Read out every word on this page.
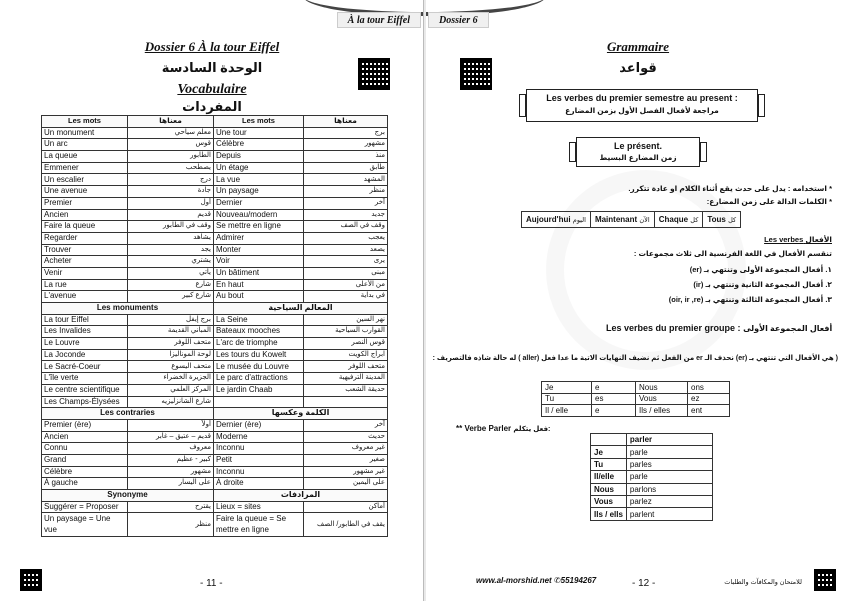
À la tour Eiffel
Dossier 6 À la tour Eiffel
الوحدة السادسة
Vocabulaire
المفردات
Les mots	معناها	Les mots	معناها
Un monument	معلم سياحي	Une tour	برج
Un arc	قوس	Célèbre	مشهور
La queue	الطابور	Depuis	منذ
Emmener	يصطحب	Un étage	طابق
Un escalier	درج	La vue	المشهد
Une avenue	جادة	Un paysage	منظر
Premier	أول	Dernier	آخر
Ancien	قديم	Nouveau/modern	جديد
Faire la queue	وقف في الطابور	Se mettre en ligne	وقف في الصف
Regarder	يشاهد	Admirer	يعجب
Trouver	يجد	Monter	يصعد
Acheter	يشتري	Voir	يرى
Venir	يأتي	Un bâtiment	مبنى
La rue	شارع	En haut	من الأعلى
L'avenue	شارع كبير	Au bout	في بداية
Les monuments		المعالم السياحية	
La tour Eiffel	برج إيفل	La Seine	نهر السين
Les Invalides	المباني القديمة	Bateaux mooches	القوارب السياحية
Le Louvre	متحف اللوفر	L'arc de triomphe	قوس النصر
La Joconde	لوحة الموناليزا	Les tours du Kowelt	ابراج الكويت
Le Sacré-Coeur	متحف اليسوع	Le musée du Louvre	متحف اللوفر
L'île verte	الجزيرة الخضراء	Le parc d'attractions	المدينة الترفيهية
Le centre scientifique	المركز العلمي	Le jardin Chaab	حديقة الشعب
Les Champs-Élysées	شارع الشانزليزيه		
Les contraries		الكلمة وعكسها	
Premier (ère)	أولاً	Dernier (ère)	آخر
Ancien	قديم – عتيق – غابر	Moderne	حديث
Connu	معروف	Inconnu	غير معروف
Grand	كبير - عظيم	Petit	صغير
Célèbre	مشهور	Inconnu	غير مشهور
À gauche	على اليسار	À droite	على اليمين
Synonyme		المرادفات	
Suggérer = Proposer	يقترح	Lieux = sites	أماكن
Un paysage = Une vue	منظر	Faire la queue = Se mettre en ligne	يقف في الطابور/ الصف
- 11 -
Dossier 6
Grammaire
قواعد
Les verbes du premier semestre au present :
مراجعة لأفعال الفصل الأول بزمن المضارع
Le présent.
زمن المضارع البسيط
* استخدامه : يدل على حدث يقع أثناء الكلام او عادة تتكرر.
* الكلمات الدالة على زمن المضارع:
Aujourd'hui اليوم	Maintenant الآن	Chaque كل	Tous كل
الأفعال Les verbes
تنقسم الأفعال في اللغة الفرنسية الى ثلاث مجموعات :
١. أفعال المجموعة الأولى وتنتهي بـ (er)
٢. أفعال المجموعة الثانية وتنتهي بـ (ir)
٣. أفعال المجموعة الثالثة وتنتهي بـ (oir, ir ,re)
Les verbes du premier groupe : أفعال المجموعة الأولى
( هي الأفعال التي تنتهي بـ (er) نحذف الـ er من الفعل ثم نضيف النهايات الاتية ما عدا فعل (aller ) له حالة شاذه فالتصريف :
Je	e	Nous	ons
Tu	es	Vous	ez
Il / elle	e	Ils / elles	ent
** Verbe Parler فعل يتكلم:
	parler
Je	parle
Tu	parles
Il/elle	parle
Nous	parlons
Vous	parlez
Ils / ells	parlent
www.al-morshid.net ✆55194267	- 12 -	للامتحان والمكافآت والطلبات
